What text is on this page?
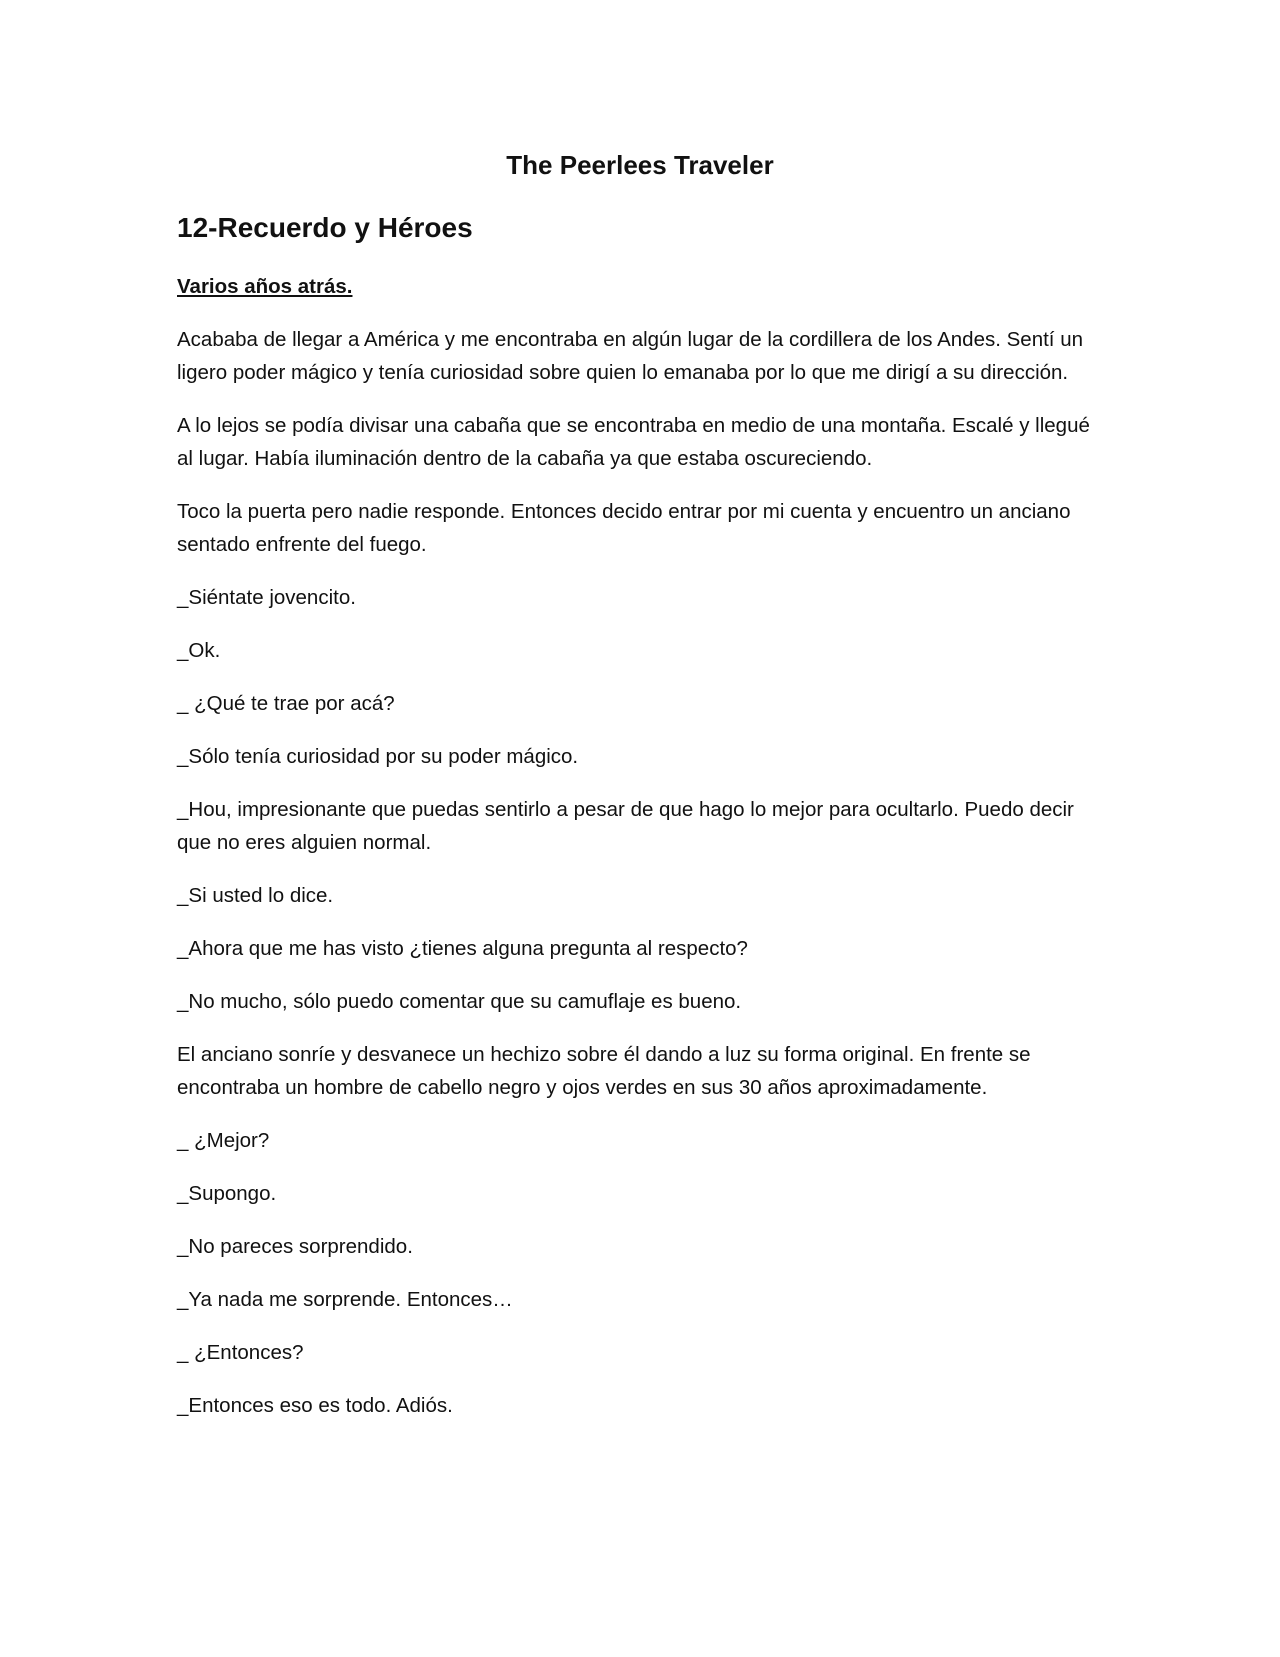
The Peerlees Traveler
12-Recuerdo y Héroes

Varios años atrás.

Acababa de llegar a América y me encontraba en algún lugar de la cordillera de los Andes. Sentí un ligero poder mágico y tenía curiosidad sobre quien lo emanaba por lo que me dirigí a su dirección.

A lo lejos se podía divisar una cabaña que se encontraba en medio de una montaña. Escalé y llegué al lugar. Había iluminación dentro de la cabaña ya que estaba oscureciendo.

Toco la puerta pero nadie responde. Entonces decido entrar por mi cuenta y encuentro un anciano sentado enfrente del fuego.

_Siéntate jovencito.

_Ok.

_ ¿Qué te trae por acá?

_Sólo tenía curiosidad por su poder mágico.

_Hou, impresionante que puedas sentirlo a pesar de que hago lo mejor para ocultarlo. Puedo decir que no eres alguien normal.

_Si usted lo dice.

_Ahora que me has visto ¿tienes alguna pregunta al respecto?

_No mucho, sólo puedo comentar que su camuflaje es bueno.

El anciano sonríe y desvanece un hechizo sobre él dando a luz su forma original. En frente se encontraba un hombre de cabello negro y ojos verdes en sus 30 años aproximadamente.

_ ¿Mejor?

_Supongo.

_No pareces sorprendido.

_Ya nada me sorprende. Entonces…

_ ¿Entonces?

_Entonces eso es todo. Adiós.
